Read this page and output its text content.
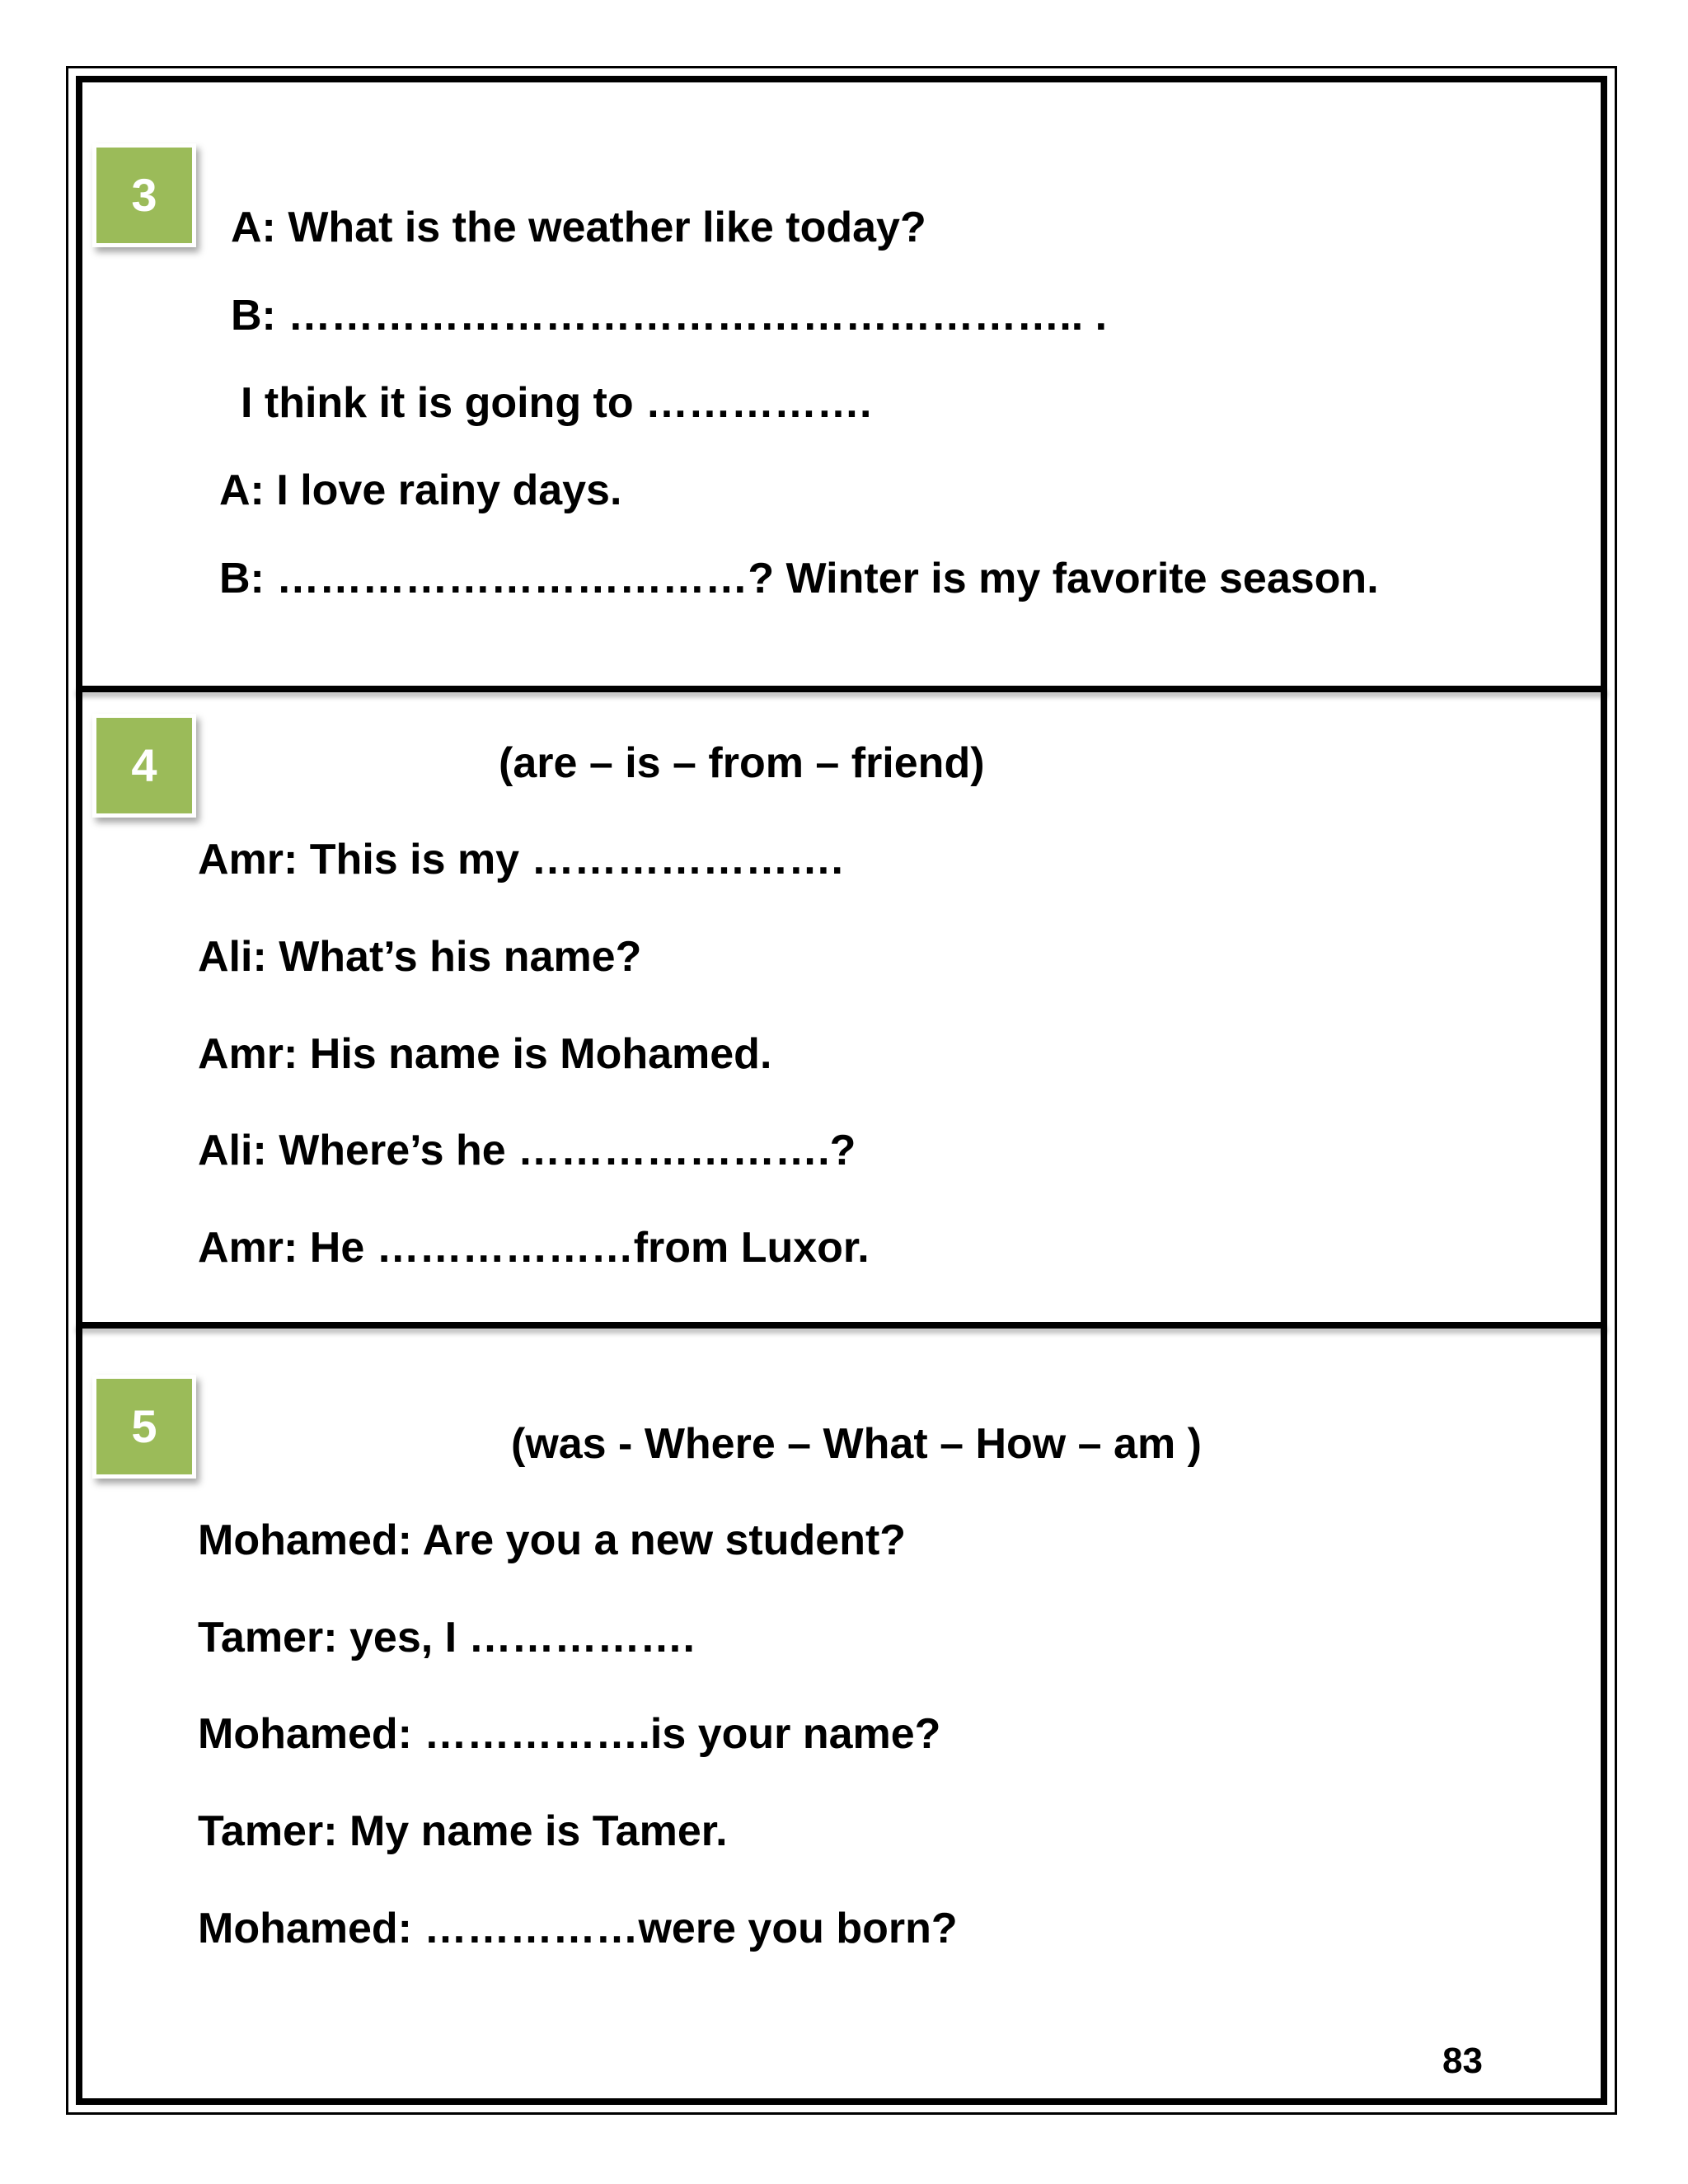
3
A: What is the weather like today?
B: ……………………………………………….. .
I think it is going to …………….
A: I love rainy days.
B: ……………………………? Winter is my favorite season.
4	(are – is – from – friend)
Amr: This is my ………………….
Ali: What’s his name?
Amr: His name is Mohamed.
Ali: Where’s he ………………….?
Amr: He ………………from Luxor.
5	(was - Where – What – How – am )
Mohamed: Are you a new student?
Tamer: yes, I …………….
Mohamed: …………….is your name?
Tamer: My name is Tamer.
Mohamed: ……………were you born?
83
